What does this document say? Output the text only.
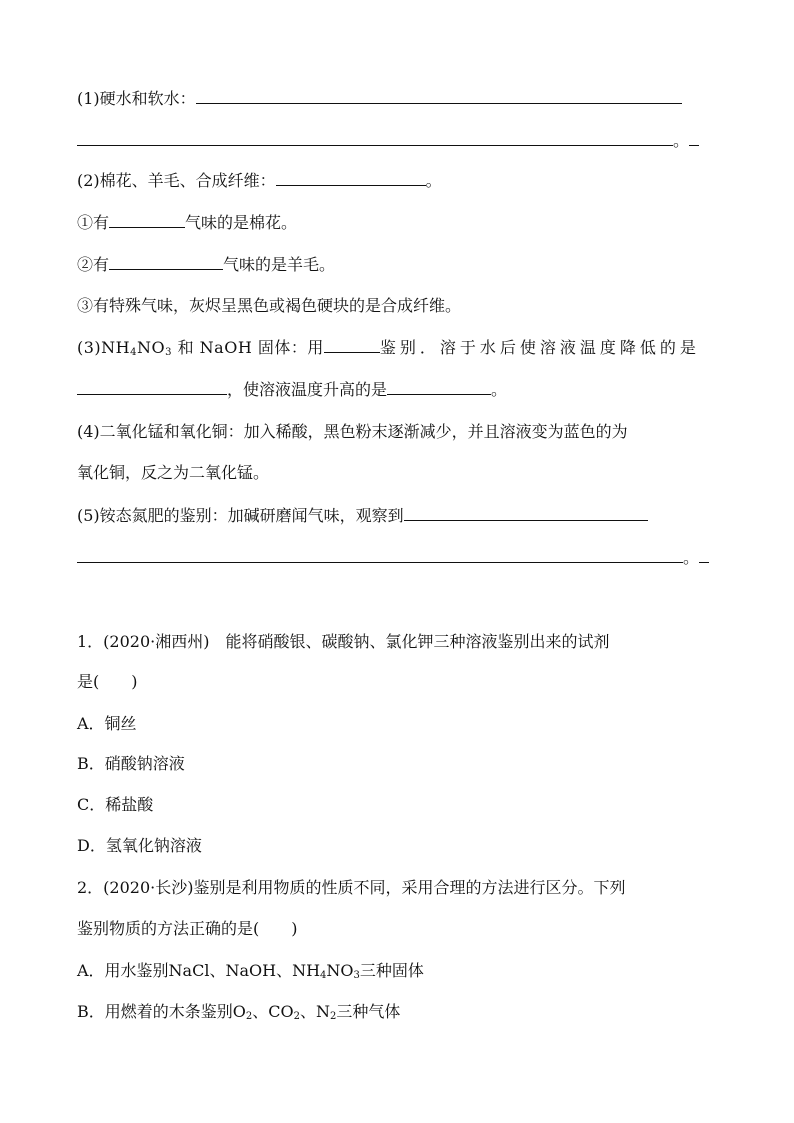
(1)硬水和软水：
。
(2)棉花、羊毛、合成纤维：	。
①有	气味的是棉花。
②有	气味的是羊毛。
③有特殊气味，灰烬呈黑色或褐色硬块的是合成纤维。
$(3)NH_4NO_3$ 和 NaOH 固体：用	鉴别．溶于水后使溶液温度降低的是
，使溶液温度升高的是	。
(4)二氧化锰和氧化铜：加入稀酸，黑色粉末逐渐减少，并且溶液变为蓝色的为
氧化铜，反之为二氧化锰。
(5)铵态氮肥的鉴别：加碱研磨闻气味，观察到
。
1．(2020·湘西州)　能将硝酸银、碳酸钠、氯化钾三种溶液鉴别出来的试剂
是(　　)
A．铜丝
B．硝酸钠溶液
C．稀盐酸
D．氢氧化钠溶液
2．(2020·长沙)鉴别是利用物质的性质不同，采用合理的方法进行区分。下列
鉴别物质的方法正确的是(　　)
A．用水鉴别NaCl、NaOH、$NH_4NO_3$三种固体
B．用燃着的木条鉴别$O_2$、$CO_2$、$N_2$三种气体
